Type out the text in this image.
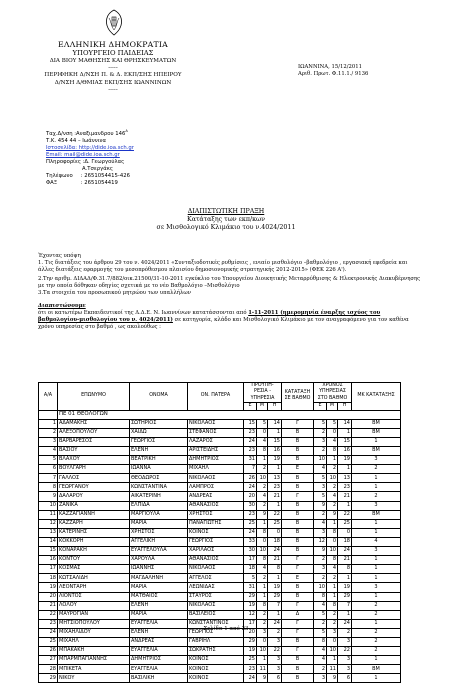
ΕΛΛΗΝΙΚΗ ΔΗΜΟΚΡΑΤΙΑ
ΥΠΟΥΡΓΕΙΟ ΠΑΙΔΕΙΑΣ
ΔΙΑ ΒΙΟΥ ΜΑΘΗΣΗΣ ΚΑΙ ΘΡΗΣΚΕΥΜΑΤΩΝ
-----
ΠΕΡΙΦΗΚΗ Δ/ΝΣΗ Π. & Δ. ΕΚΠ/ΣΗΣ ΗΠΕΙΡΟΥ
Δ/ΝΣΗ Δ/ΘΜΙΑΣ ΕΚΠ/ΣΗΣ ΙΩΑΝΝΙΝΩΝ
-----
ΙΩΑΝΝΙΝΑ, 15/12/2011
Αριθ. Πρωτ. Φ.11.1./ 9136
Ταχ.Δ/νση :Αναξιμανδρου $146^A$
Τ.Κ. 454 44 – Ιωάννινα
Ιστοσελίδα: http://dide.ioa.sch.gr
Email: mail@dide.ioa.sch.gr
Πληροφορίες :Δ. Γεωργούλας
Α.Τσεργάκς
Τηλέφωνο : 2651054415-426
ΦΑΞ	: 2651054419
ΔΙΑΠΙΣΤΩΤΙΚΗ ΠΡΑΞΗ
Κατάταξης των εκπ/κων
σε Μισθολογικό Κλιμάκιο του ν.4024/2011
Έχοντας υπόψη
1. Τις διατάξεις του άρθρου 29 του ν. 4024/2011 «Συνταξιοδοτικές ρυθμίσεις , ενιαίο μισθολόγιο –βαθμολόγιο , εργασιακή εφεδρεία και άλλες διατάξεις εφαρμογής του μεσοπρόθεσμου πλαισίου δημοσιονομικής στρατηγικής 2012-2015» (ΦΕΚ 226 Α').
2.Την αριθμ. ΔΙΔΑΔ/Φ.31.7/882/οικ.21500/31-10-2011 εγκύκλιο του Υπουργείου Διοικητικής Μεταρρύθμισης & Ηλεκτρονικής Διακυβέρνησης με την οποία δόθηκαν οδηγίες σχετικά με το νέο Βαθμολόγιο –Μισθολόγιο
3.Τα στοιχεία του προσωπικού μητρώου των υπαλλήλων
Διαπιστώνουμε
ότι οι κατωτέρω Εκπαιδευτικοί της Δ.Δ.Ε. Ν. Ιωαννίνων κατατάσσονται από 1-11-2011 (ημερομηνία έναρξης ισχύος του βαθμολογίου-μισθολογίου του ν. 4024/2011) σε κατηγορία, κλάδο και Μισθολογικό Κλιμάκιο με τον αναγραφόμενο για τον καθένα χρόνο υπηρεσίας στο βαθμό , ως ακολούθως :
Α/Α	ΕΠΩΝΥΜΟ	ΟΝΟΜΑ	ΟΝ. ΠΑΤΕΡΑ	ΠΡΟΥΠΗ-ΡΕΣΙΑ - ΥΠΗΡΕΣΙΑ			ΚΑΤΑΤΑΞΗ ΣΕ ΒΑΘΜΟ	ΧΡΟΝΟΣ ΥΠΗΡΕΣΙΑΣ ΣΤΟ ΒΑΘΜΟ			ΜΚ ΚΑΤΑΤΑΞΗΣ
				Ε	Μ	Η		Ε	Μ	Η	
	ΠΕ 01 ΘΕΟΛΟΓΩΝ										
1	ΑΔΑΜΑΚΗΣ	ΣΩΤΗΡΙΟΣ	ΝΙΚΟΛΑΟΣ	15	5	14	Γ	5	5	14	ΒΜ
2	ΑΛΕΞΟΠΟΥΛΟΥ	ΧΑΙΔΩ	ΣΤΕΦΑΝΟΣ	23	0	1	Β	2	0	1	ΒΜ
3	ΒΑΡΒΑΡΕΣΟΣ	ΓΕΩΡΓΙΟΣ	ΛΑΖΑΡΟΣ	24	4	15	Β	3	4	15	1
4	ΒΑΣΙΟΥ	ΕΛΕΝΗ	ΑΡΙΣΤΕΙΔΗΣ	23	8	16	Β	2	8	16	ΒΜ
5	ΒΛΑΧΟΥ	ΒΕΑΤΡΙΚΗ	ΔΗΜΗΤΡΙΟΣ	31	1	19	Β	10	1	19	3
6	ΒΟΥΛΓΑΡΗ	ΙΩΑΝΝΑ	ΜΙΧΑΗΛ	7	2	1	Ε	4	2	1	2
7	ΓΑΛΛΟΣ	ΘΕΟΔΩΡΟΣ	ΝΙΚΟΛΑΟΣ	26	10	13	Β	5	10	13	1
8	ΓΕΩΡΓΑΝΟΥ	ΚΩΝΣΤΑΝΤΙΝΑ	ΛΑΜΠΡΟΣ	24	2	23	Β	3	2	23	1
9	ΔΑΛΑΡΟΥ	ΑΙΚΑΤΕΡΙΝΗ	ΑΝΔΡΕΑΣ	20	4	21	Γ	5	4	21	2
10	ΖΑΝΙΚΑ	ΕΛΠΙΔΑ	ΑΘΑΝΑΣΙΟΣ	30	2	1	Β	9	2	1	3
11	ΚΑΖΖΑΓΙΑΝΝΗ	ΜΑΡΓΙΟΥΛΑ	ΧΡΗΣΤΟΣ	23	9	22	Β	2	9	22	ΒΜ
12	ΚΑΖΖΑΡΗ	ΜΑΡΙΑ	ΠΑΝΑΓΙΩΤΗΣ	25	1	25	Β	4	1	25	1
13	ΚΑΤΕΡΙΝΗΣ	ΧΡΗΣΤΟΣ	ΚΟΙΝΟΣ	24	8	0	Β	3	8	0	1
14	ΚΟΚΚΟΡΗ	ΑΓΓΕΛΙΚΗ	ΓΕΩΡΓΙΟΣ	33	0	18	Β	12	0	18	4
15	ΚΟΝΑΡΑΚΗ	ΕΥΑΓΓΕΛΟΥΛΑ	ΧΑΡΙΛΑΟΣ	30	10	24	Β	9	10	24	3
16	ΚΟΝΤΟΥ	ΧΑΡΟΥΛΑ	ΑΘΑΝΑΣΙΟΣ	17	8	21	Γ	2	8	21	1
17	ΚΟΣΜΑΣ	ΙΩΑΝΝΗΣ	ΝΙΚΟΛΑΟΣ	18	4	8	Γ	3	4	8	1
18	ΚΩΤΣΑΛΙΔΗ	ΜΑΓΔΑΛΗΝΗ	ΑΓΓΕΛΟΣ	5	2	1	Ε	2	2	1	1
19	ΛΕΟΝΤΑΡΗ	ΜΑΡΙΑ	ΛΕΩΝΙΔΑΣ	31	1	19	Β	10	1	19	3
20	ΛΙΟΝΤΟΣ	ΜΑΤΘΑΙΟΣ	ΣΤΑΥΡΟΣ	29	1	29	Β	8	1	29	1
21	ΛΟΛΟΥ	ΕΛΕΝΗ	ΝΙΚΟΛΑΟΣ	19	8	7	Γ	4	8	7	2
22	ΜΑΥΡΟΓΙΑΝ	ΜΑΡΙΑ	ΒΑΣΙΛΕΙΟΣ	12	2	1	Δ	5	2	1	2
23	ΜΗΤΣΙΟΠΟΥΛΟΥ	ΕΥΑΓΓΕΛΙΑ	ΚΩΝΣΤΑΝΤΙΝΟΣ	17	2	24	Γ	2	2	24	1
24	ΜΙΧΑΗΛΙΔΟΥ	ΕΛΕΝΗ	ΓΕΩΡΓΙΟΣ	20	3	2	Γ	5	3	2	2
25	ΜΙΧΑΗΛ	ΑΝΔΡΕΑΣ	ΓΑΒΡΙΗΛ	29	0	3	Β	8	0	3	2
26	ΜΠΑΚΑΚΗ	ΕΥΑΓΓΕΛΙΑ	ΣΩΚΡΑΤΗΣ	19	10	22	Γ	4	10	22	2
27	ΜΠΑΡΜΠΑΓΙΑΝΝΗΣ	ΔΗΜΗΤΡΙΟΣ	ΚΟΙΝΟΣ	25	1	3	Β	4	1	3	1
28	ΜΠΙΚΕΤΑ	ΕΥΑΓΓΕΛΙΑ	ΚΟΙΝΟΣ	23	11	3	Β	2	11	3	ΒΜ
29	ΝΙΚΟΥ	ΒΑΣΙΛΙΚΗ	ΚΟΙΝΟΣ	24	9	6	Β	3	9	6	1
Σελίδα 1 από 23
